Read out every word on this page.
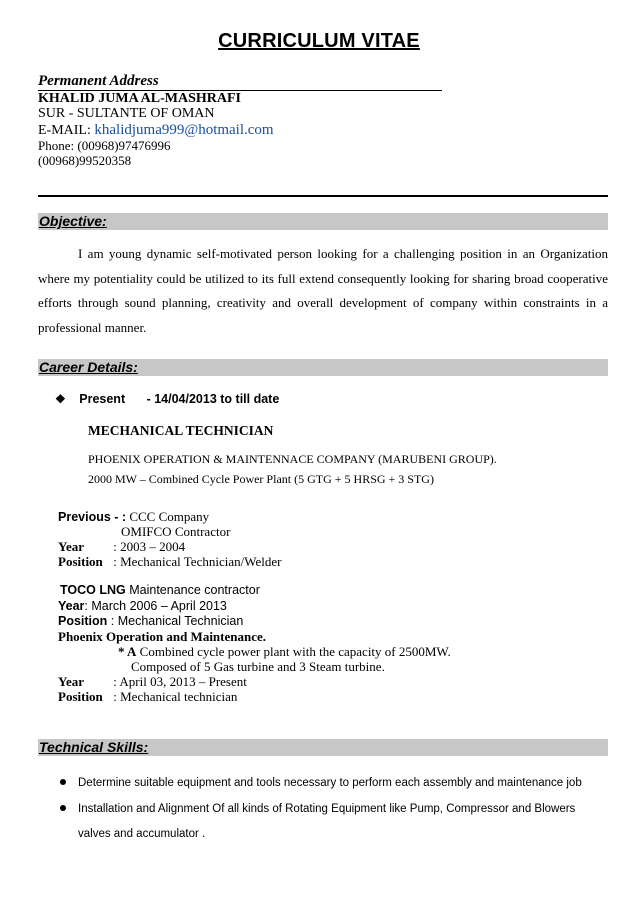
CURRICULUM VITAE
Permanent Address
KHALID JUMA AL-MASHRAFI
SUR - SULTANTE OF OMAN
E-MAIL: khalidjuma999@hotmail.com
Phone: (00968)97476996
(00968)99520358
Objective:
I am young dynamic self-motivated person looking for a challenging position in an Organization where my potentiality could be utilized to its full extend consequently looking for sharing broad cooperative efforts through sound planning, creativity and overall development of company within constraints in a professional manner.
Career Details:
❖ Present - 14/04/2013 to till date
MECHANICAL TECHNICIAN
PHOENIX OPERATION & MAINTENNACE COMPANY (MARUBENI GROUP).
2000 MW – Combined Cycle Power Plant (5 GTG + 5 HRSG + 3 STG)
Previous - : CCC Company
OMIFCO Contractor
Year : 2003 – 2004
Position : Mechanical Technician/Welder
TOCO LNG Maintenance contractor
Year: March 2006 – April 2013
Position : Mechanical Technician
Phoenix Operation and Maintenance.
* A Combined cycle power plant with the capacity of 2500MW.
Composed of 5 Gas turbine and 3 Steam turbine.
Year : April 03, 2013 – Present
Position : Mechanical technician
Technical Skills:
Determine suitable equipment and tools necessary to perform each assembly and maintenance job
Installation and Alignment Of all kinds of Rotating Equipment like Pump, Compressor and Blowers
valves and accumulator .
